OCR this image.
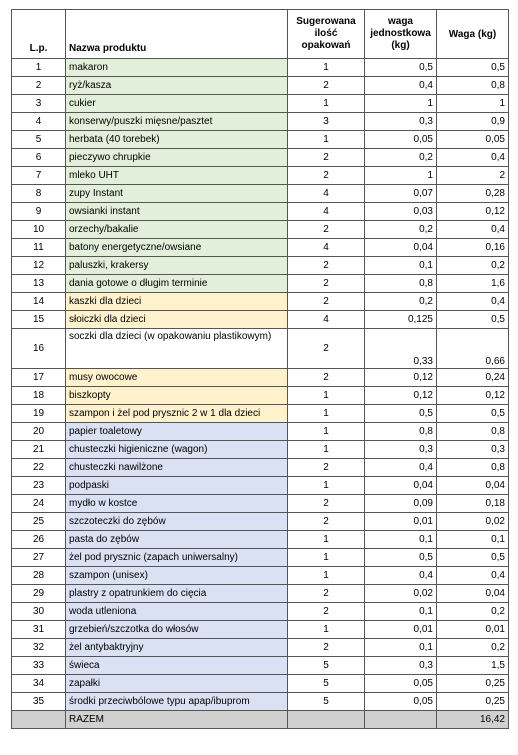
L.p.	Nazwa produktu	Sugerowana ilość opakowań	waga jednostkowa (kg)	Waga (kg)
1	makaron	1	0,5	0,5
2	ryż/kasza	2	0,4	0,8
3	cukier	1	1	1
4	konserwy/puszki mięsne/pasztet	3	0,3	0,9
5	herbata (40 torebek)	1	0,05	0,05
6	pieczywo chrupkie	2	0,2	0,4
7	mleko UHT	2	1	2
8	zupy Instant	4	0,07	0,28
9	owsianki instant	4	0,03	0,12
10	orzechy/bakalie	2	0,2	0,4
11	batony energetyczne/owsiane	4	0,04	0,16
12	paluszki, krakersy	2	0,1	0,2
13	dania gotowe o długim terminie	2	0,8	1,6
14	kaszki dla dzieci	2	0,2	0,4
15	słoiczki dla dzieci	4	0,125	0,5
16	soczki dla dzieci (w opakowaniu plastikowym)	2	0,33	0,66
17	musy owocowe	2	0,12	0,24
18	biszkopty	1	0,12	0,12
19	szampon i żel pod prysznic 2 w 1 dla dzieci	1	0,5	0,5
20	papier toaletowy	1	0,8	0,8
21	chusteczki higieniczne (wagon)	1	0,3	0,3
22	chusteczki nawilżone	2	0,4	0,8
23	podpaski	1	0,04	0,04
24	mydło w kostce	2	0,09	0,18
25	szczoteczki do zębów	2	0,01	0,02
26	pasta do zębów	1	0,1	0,1
27	żel pod prysznic (zapach uniwersalny)	1	0,5	0,5
28	szampon (unisex)	1	0,4	0,4
29	plastry z opatrunkiem do cięcia	2	0,02	0,04
30	woda utleniona	2	0,1	0,2
31	grzebień/szczotka do włosów	1	0,01	0,01
32	żel antybaktryjny	2	0,1	0,2
33	świeca	5	0,3	1,5
34	zapałki	5	0,05	0,25
35	środki przeciwbólowe typu apap/ibuprom	5	0,05	0,25
	RAZEM			16,42
